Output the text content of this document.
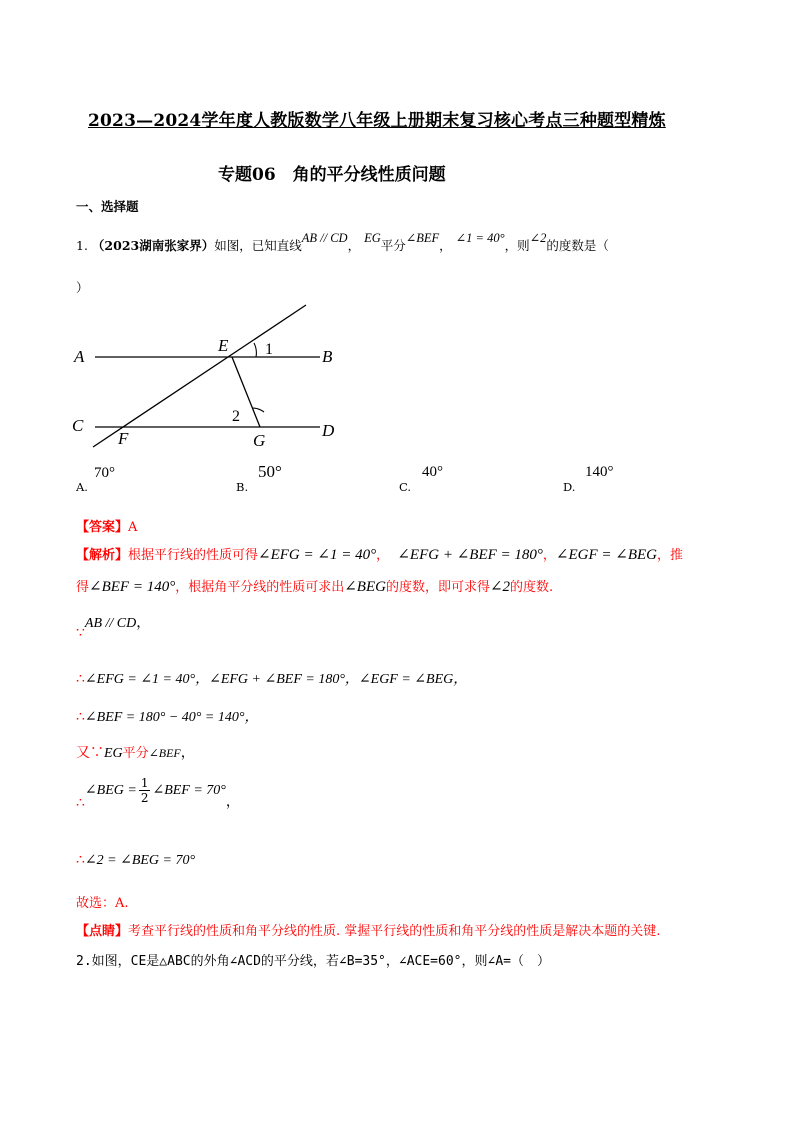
2023—2024学年度人教版数学八年级上册期末复习核心考点三种题型精炼
专题06　角的平分线性质问题
一、选择题
1. （2023湖南张家界）如图，已知直线AB // CD， EG平分∠BEF， ∠1 = 40°，则∠2的度数是（
）
A	B
C	D
E
F	G
1
2
70°
A.
50°
B.
40°
C.
140°
D.
【答案】A
【解析】根据平行线的性质可得∠EFG = ∠1 = 40°， ∠EFG + ∠BEF = 180°，∠EGF = ∠BEG，推
得∠BEF = 140°，根据角平分线的性质可求出∠BEG的度数，即可求得∠2的度数.
∵AB // CD，
∴∠EFG = ∠1 = 40°，∠EFG + ∠BEF = 180°，∠EGF = ∠BEG，
∴∠BEF = 180° − 40° = 140°，
又∵EG平分∠BEF，
∴
∠BEG = $\frac{1}{2}$ ∠BEF = 70°
，
∴∠2 = ∠BEG = 70°
故选：A.
【点睛】考查平行线的性质和角平分线的性质. 掌握平行线的性质和角平分线的性质是解决本题的关键.
2.如图，CE是△ABC的外角∠ACD的平分线，若∠B=35°，∠ACE=60°，则∠A=（　）
